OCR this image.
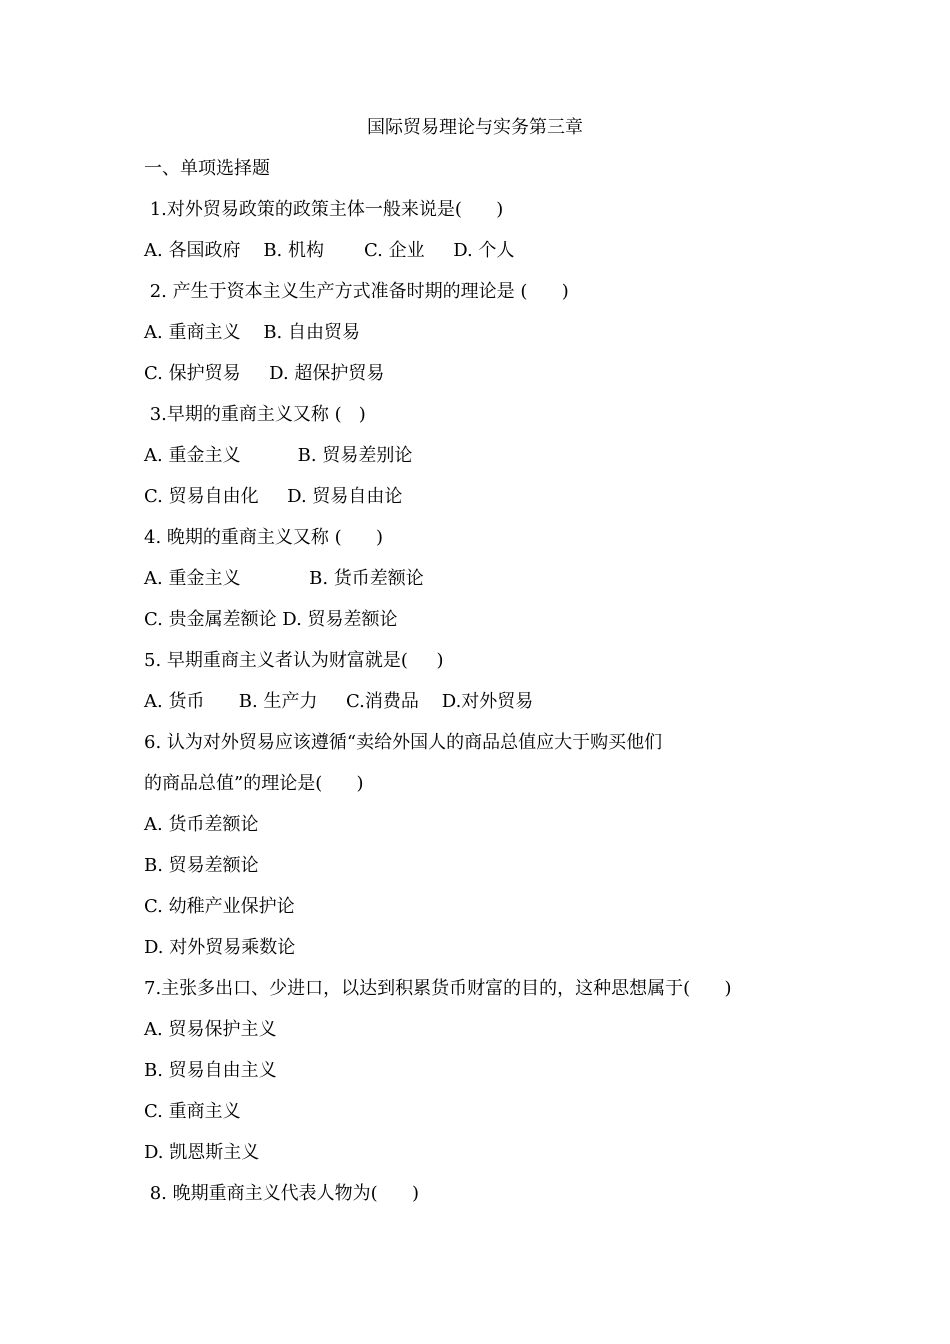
国际贸易理论与实务第三章
一、单项选择题
1.对外贸易政策的政策主体一般来说是(      )
A. 各国政府    B. 机构       C. 企业     D. 个人
2. 产生于资本主义生产方式准备时期的理论是 (      )
A. 重商主义    B. 自由贸易
C. 保护贸易     D. 超保护贸易
3.早期的重商主义又称 (   )
A. 重金主义          B. 贸易差别论
C. 贸易自由化     D. 贸易自由论
4. 晚期的重商主义又称 (      )
A. 重金主义            B. 货币差额论
C. 贵金属差额论 D. 贸易差额论
5. 早期重商主义者认为财富就是(     )
A. 货币      B. 生产力     C.消费品    D.对外贸易
6. 认为对外贸易应该遵循“卖给外国人的商品总值应大于购买他们
的商品总值”的理论是(      )
A. 货币差额论
B. 贸易差额论
C. 幼稚产业保护论
D. 对外贸易乘数论
7.主张多出口、少进口，以达到积累货币财富的目的，这种思想属于(      )
A. 贸易保护主义
B. 贸易自由主义
C. 重商主义
D. 凯恩斯主义
8. 晚期重商主义代表人物为(      )
